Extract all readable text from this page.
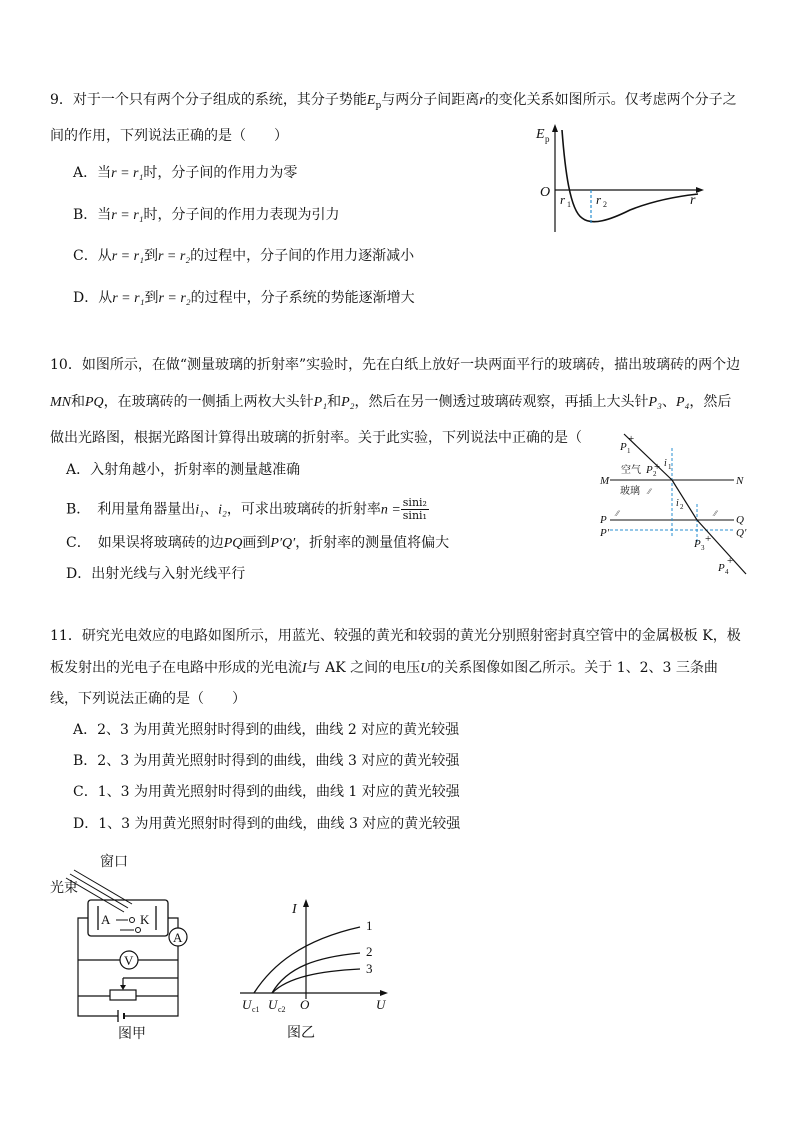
9．对于一个只有两个分子组成的系统，其分子势能$E_p$与两分子间距离r的变化关系如图所示。仅考虑两个分子之
间的作用，下列说法正确的是（　　）
A．当r = r₁时，分子间的作用力为零
B．当r = r₁时，分子间的作用力表现为引力
C．从r = r₁到r = r₂的过程中，分子间的作用力逐渐减小
D．从r = r₁到r = r₂的过程中，分子系统的势能逐渐增大
E p
O r 1 r 2	r
10．如图所示，在做“测量玻璃的折射率”实验时，先在白纸上放好一块两面平行的玻璃砖，描出玻璃砖的两个边
MN和PQ，在玻璃砖的一侧插上两枚大头针P₁和P₂，然后在另一侧透过玻璃砖观察，再插上大头针P₃、P₄，然后
做出光路图，根据光路图计算得出玻璃的折射率。关于此实验，下列说法中正确的是（
A．入射角越小，折射率的测量越准确
B．　利用量角器量出i₁、i₂，可求出玻璃砖的折射率$n = \frac{\text{sini₂}}{\text{sini₁}}$
C．　如果误将玻璃砖的边PQ画到P′Q′，折射率的测量值将偏大
D．出射光线与入射光线平行
+
+
+
+
P 1
空气 P 2
i 1
M	N
玻璃
i 2
P	Q
P′	Q′
P 3
P 4
⁄⁄
⁄⁄	⁄⁄
11．研究光电效应的电路如图所示，用蓝光、较强的黄光和较弱的黄光分别照射密封真空管中的金属极板 K，极
板发射出的光电子在电路中形成的光电流I与 AK 之间的电压U的关系图像如图乙所示。关于 1、2、3 三条曲
线，下列说法正确的是（　　）
A．2、3 为用黄光照射时得到的曲线，曲线 2 对应的黄光较强
B．2、3 为用黄光照射时得到的曲线，曲线 3 对应的黄光较强
C．1、3 为用黄光照射时得到的曲线，曲线 1 对应的黄光较强
D．1、3 为用黄光照射时得到的曲线，曲线 3 对应的黄光较强
窗口
光束
A K
A
V
图甲
I
1
2
3
U c1 U c2 O	U
图乙
